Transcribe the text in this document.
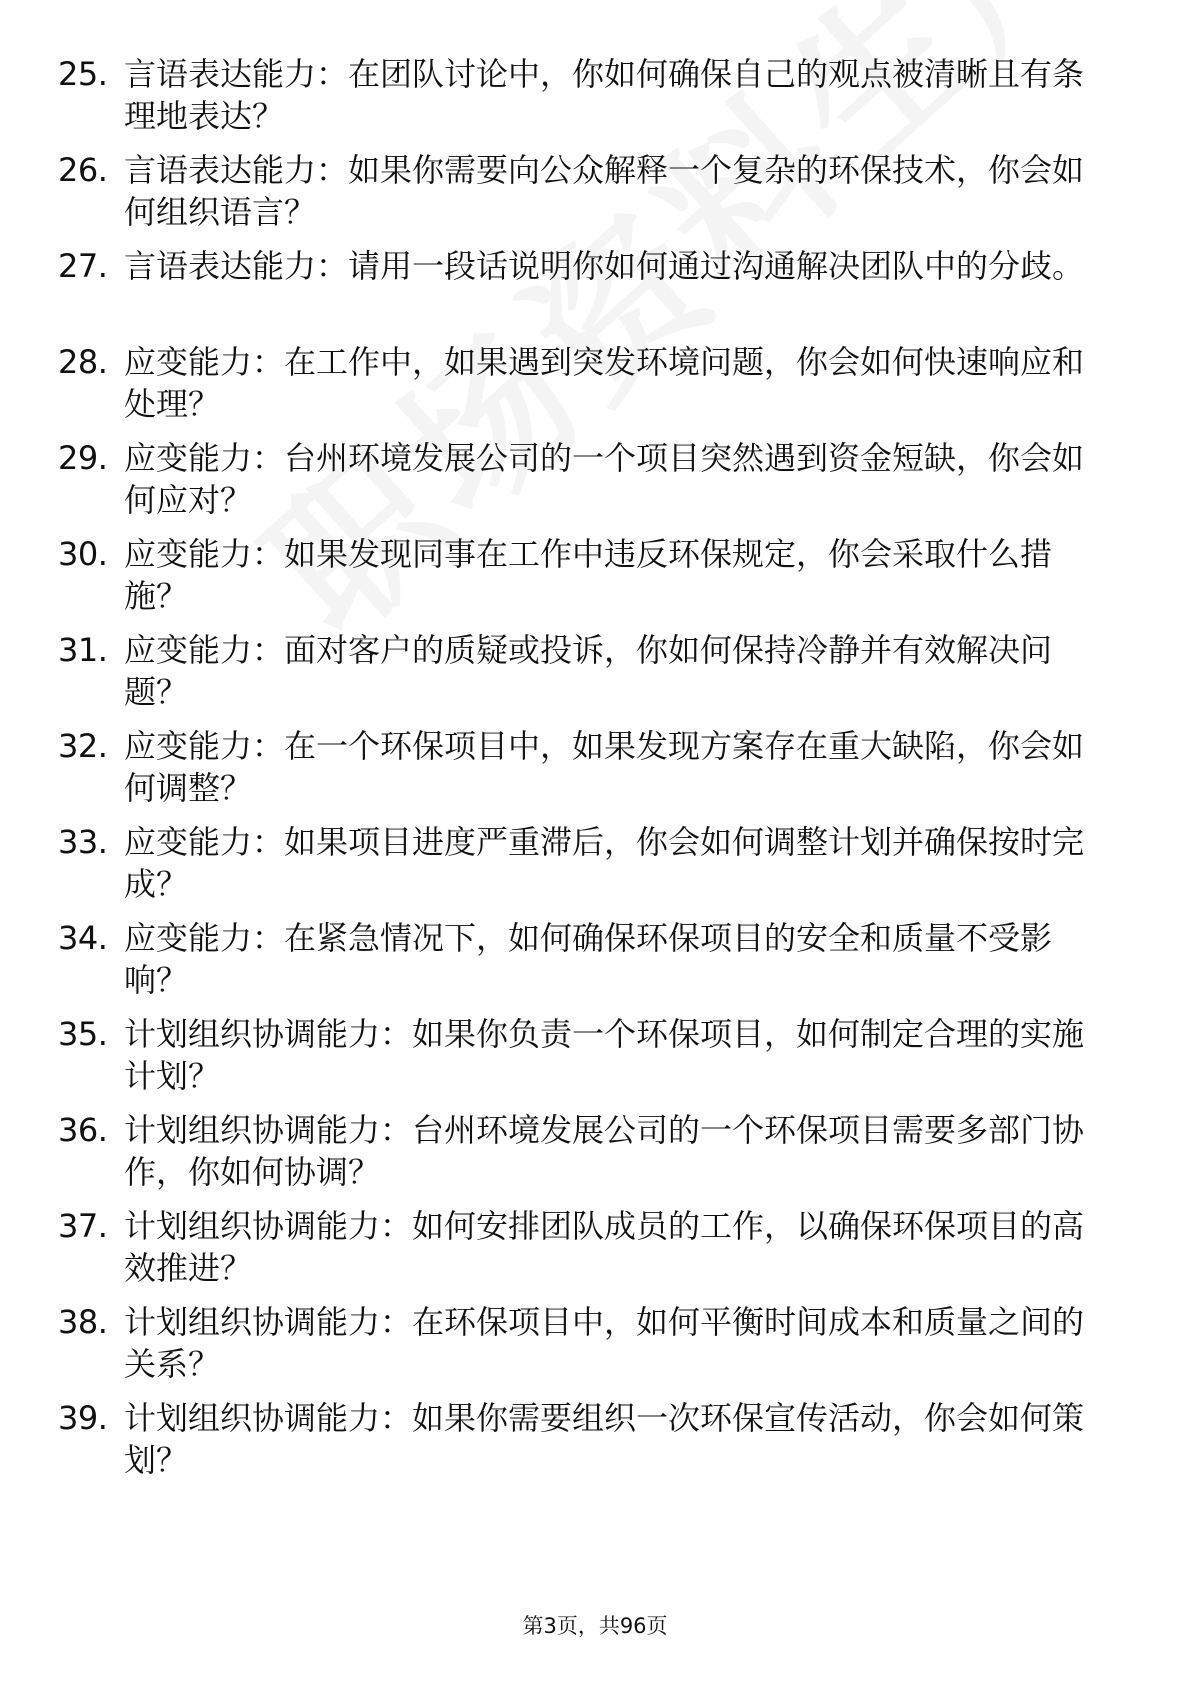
25. 言语表达能力：在团队讨论中，你如何确保自己的观点被清晰且有条理地表达？
26. 言语表达能力：如果你需要向公众解释一个复杂的环保技术，你会如何组织语言？
27. 言语表达能力：请用一段话说明你如何通过沟通解决团队中的分歧。
28. 应变能力：在工作中，如果遇到突发环境问题，你会如何快速响应和处理？
29. 应变能力：台州环境发展公司的一个项目突然遇到资金短缺，你会如何应对？
30. 应变能力：如果发现同事在工作中违反环保规定，你会采取什么措施？
31. 应变能力：面对客户的质疑或投诉，你如何保持冷静并有效解决问题？
32. 应变能力：在一个环保项目中，如果发现方案存在重大缺陷，你会如何调整？
33. 应变能力：如果项目进度严重滞后，你会如何调整计划并确保按时完成？
34. 应变能力：在紧急情况下，如何确保环保项目的安全和质量不受影响？
35. 计划组织协调能力：如果你负责一个环保项目，如何制定合理的实施计划？
36. 计划组织协调能力：台州环境发展公司的一个环保项目需要多部门协作，你如何协调？
37. 计划组织协调能力：如何安排团队成员的工作，以确保环保项目的高效推进？
38. 计划组织协调能力：在环保项目中，如何平衡时间成本和质量之间的关系？
39. 计划组织协调能力：如果你需要组织一次环保宣传活动，你会如何策划？
第3页，共96页
